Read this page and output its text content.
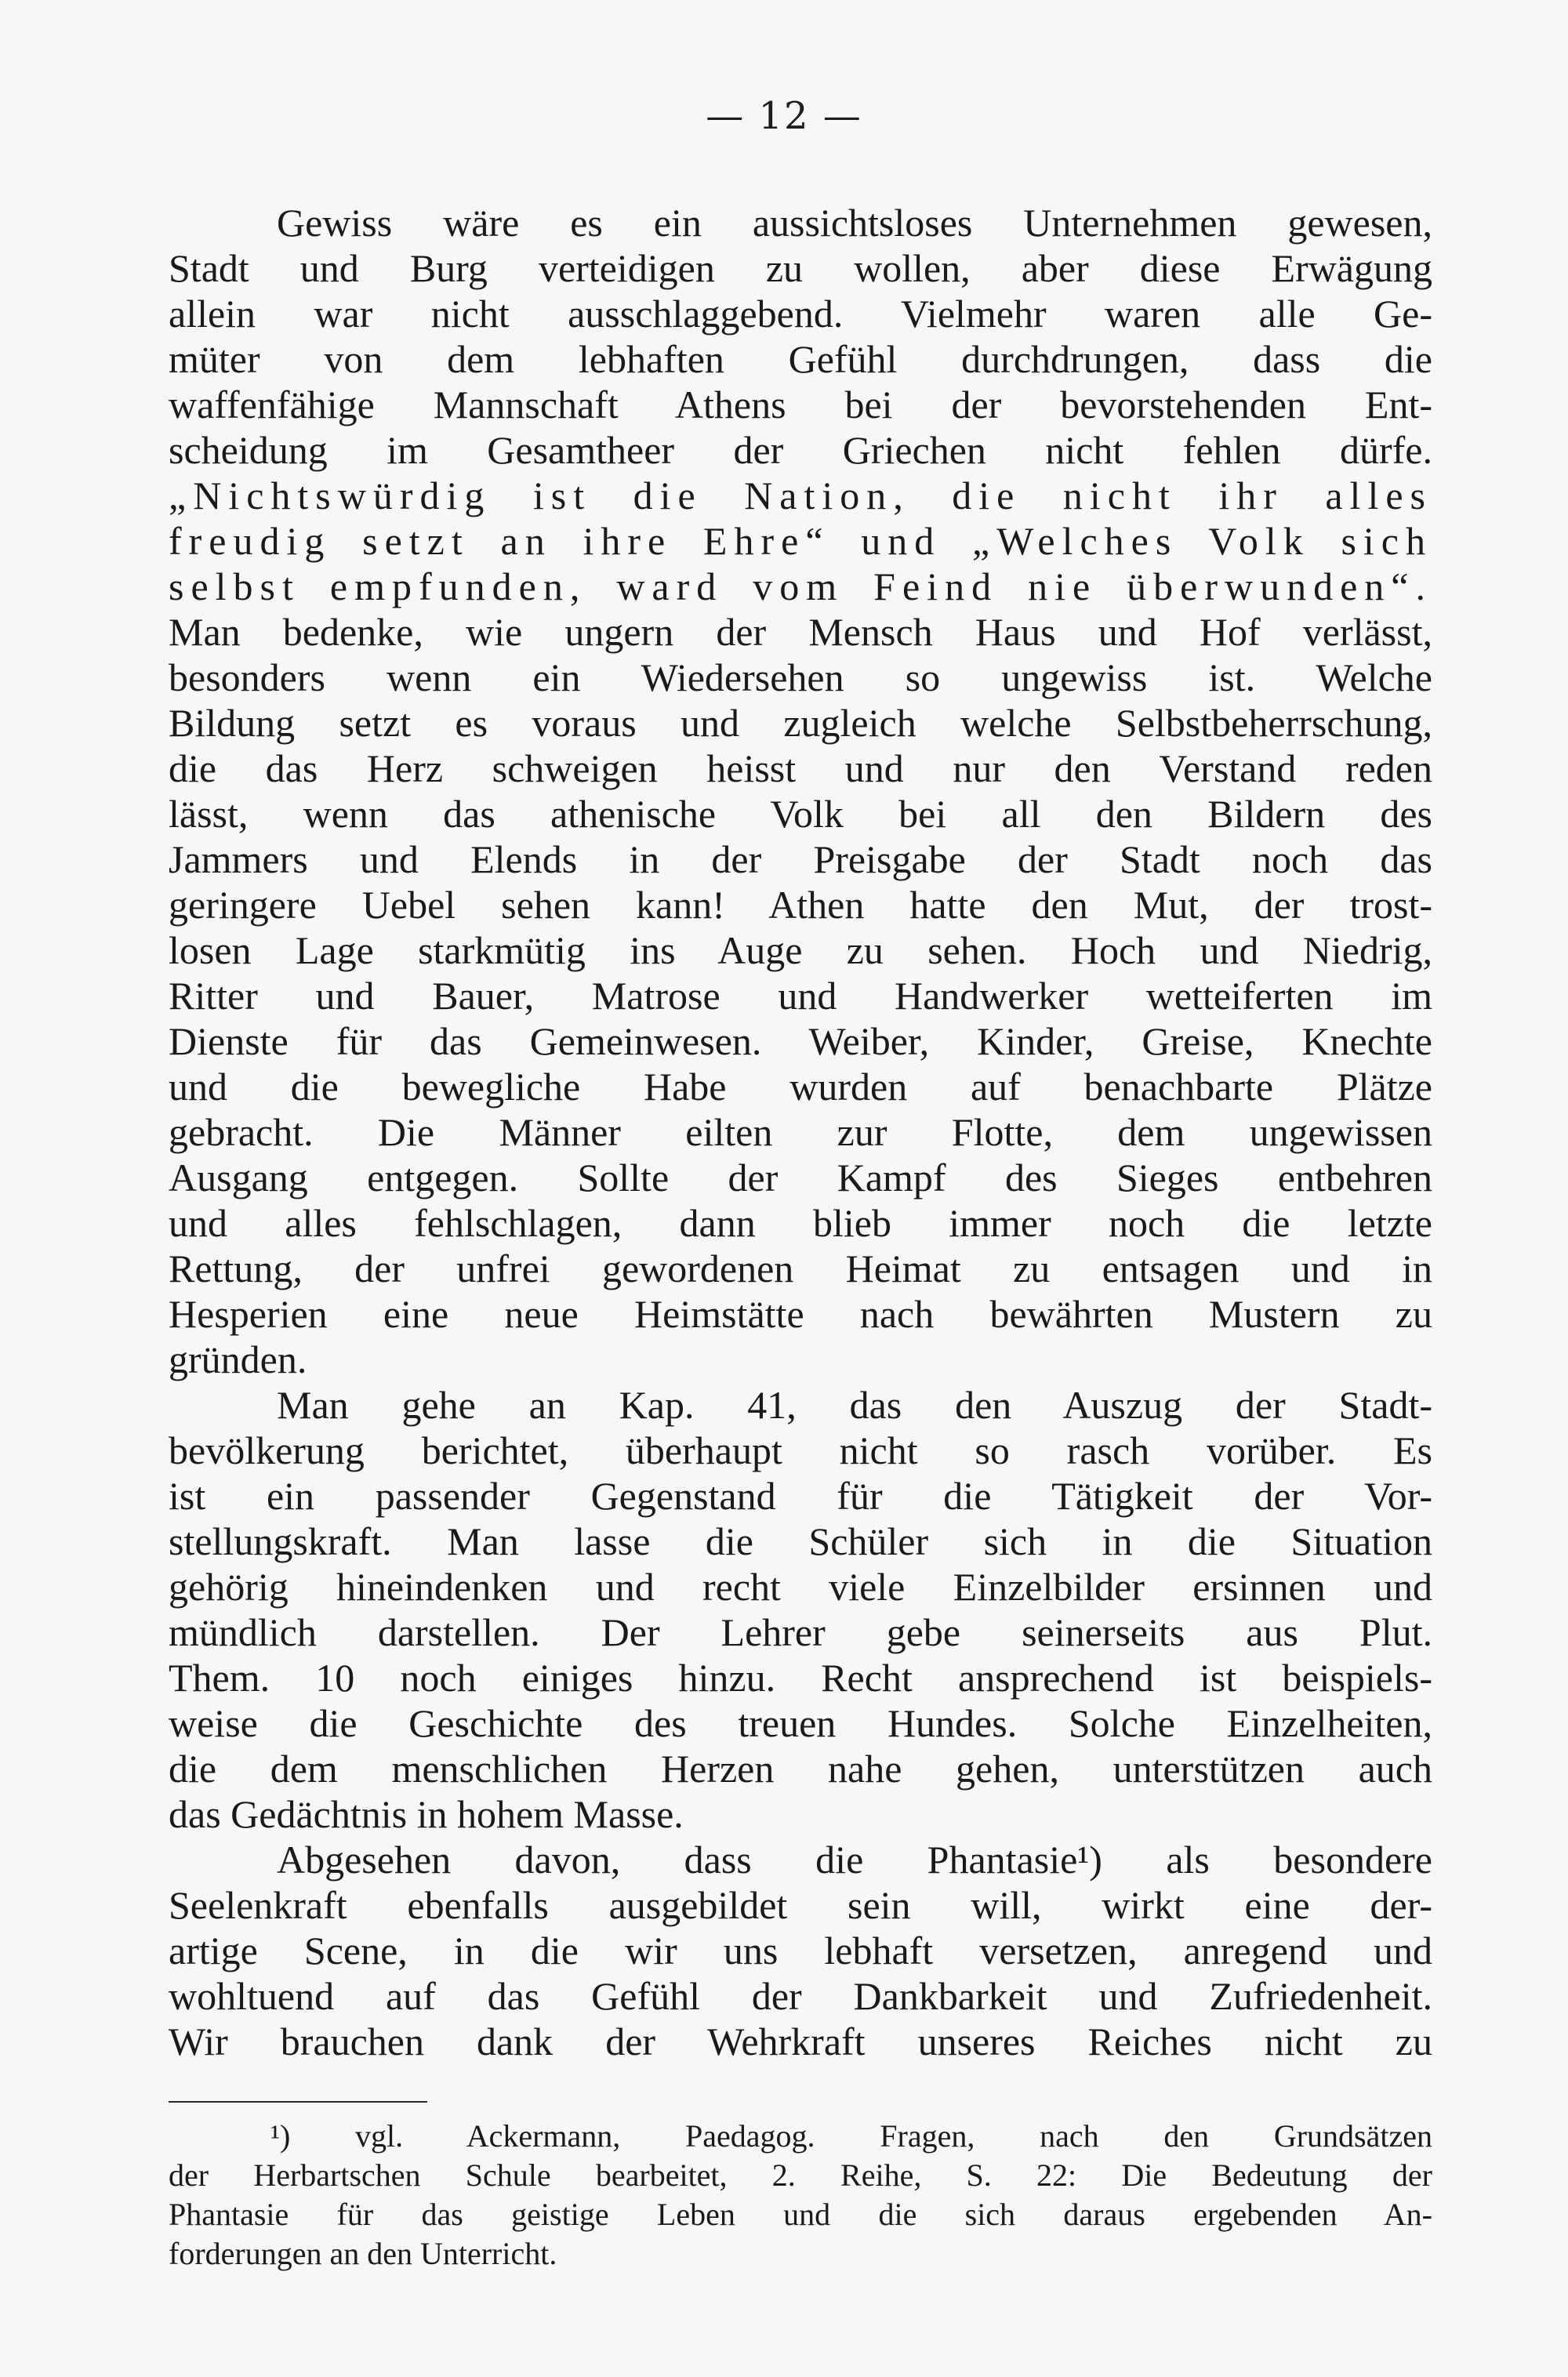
— 12 —
Gewiss wäre es ein aussichtsloses Unternehmen gewesen,
Stadt und Burg verteidigen zu wollen, aber diese Erwägung
allein war nicht ausschlaggebend. Vielmehr waren alle Ge-
müter von dem lebhaften Gefühl durchdrungen, dass die
waffenfähige Mannschaft Athens bei der bevorstehenden Ent-
scheidung im Gesamtheer der Griechen nicht fehlen dürfe.
„Nichtswürdig ist die Nation, die nicht ihr alles
freudig setzt an ihre Ehre“ und „Welches Volk sich
selbst empfunden, ward vom Feind nie überwunden“.
Man bedenke, wie ungern der Mensch Haus und Hof verlässt,
besonders wenn ein Wiedersehen so ungewiss ist. Welche
Bildung setzt es voraus und zugleich welche Selbstbeherrschung,
die das Herz schweigen heisst und nur den Verstand reden
lässt, wenn das athenische Volk bei all den Bildern des
Jammers und Elends in der Preisgabe der Stadt noch das
geringere Uebel sehen kann! Athen hatte den Mut, der trost-
losen Lage starkmütig ins Auge zu sehen. Hoch und Niedrig,
Ritter und Bauer, Matrose und Handwerker wetteiferten im
Dienste für das Gemeinwesen. Weiber, Kinder, Greise, Knechte
und die bewegliche Habe wurden auf benachbarte Plätze
gebracht. Die Männer eilten zur Flotte, dem ungewissen
Ausgang entgegen. Sollte der Kampf des Sieges entbehren
und alles fehlschlagen, dann blieb immer noch die letzte
Rettung, der unfrei gewordenen Heimat zu entsagen und in
Hesperien eine neue Heimstätte nach bewährten Mustern zu
gründen.
Man gehe an Kap. 41, das den Auszug der Stadt-
bevölkerung berichtet, überhaupt nicht so rasch vorüber. Es
ist ein passender Gegenstand für die Tätigkeit der Vor-
stellungskraft. Man lasse die Schüler sich in die Situation
gehörig hineindenken und recht viele Einzelbilder ersinnen und
mündlich darstellen. Der Lehrer gebe seinerseits aus Plut.
Them. 10 noch einiges hinzu. Recht ansprechend ist beispiels-
weise die Geschichte des treuen Hundes. Solche Einzelheiten,
die dem menschlichen Herzen nahe gehen, unterstützen auch
das Gedächtnis in hohem Masse.
Abgesehen davon, dass die Phantasie¹) als besondere
Seelenkraft ebenfalls ausgebildet sein will, wirkt eine der-
artige Scene, in die wir uns lebhaft versetzen, anregend und
wohltuend auf das Gefühl der Dankbarkeit und Zufriedenheit.
Wir brauchen dank der Wehrkraft unseres Reiches nicht zu
¹) vgl. Ackermann, Paedagog. Fragen, nach den Grundsätzen
der Herbartschen Schule bearbeitet, 2. Reihe, S. 22: Die Bedeutung der
Phantasie für das geistige Leben und die sich daraus ergebenden An-
forderungen an den Unterricht.
